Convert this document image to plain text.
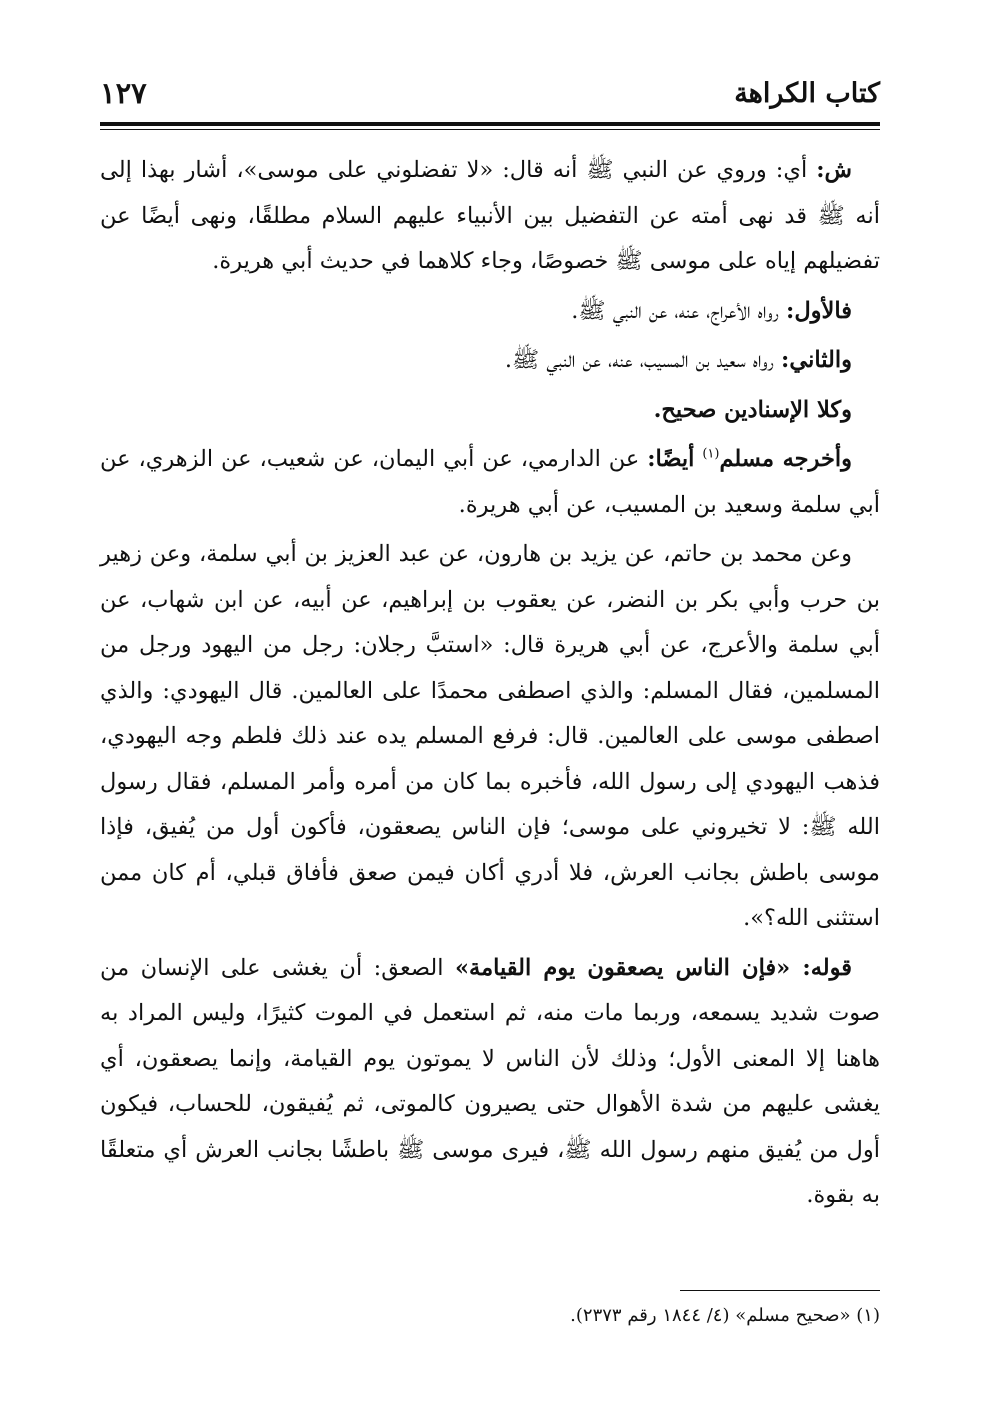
كتاب الكراهة
١٢٧

ش: أي: وروي عن النبي ﷺ أنه قال: «لا تفضلوني على موسى»، أشار بهذا إلى أنه ﷺ قد نهى أمته عن التفضيل بين الأنبياء عليهم السلام مطلقًا، ونهى أيضًا عن تفضيلهم إياه على موسى ﷺ خصوصًا، وجاء كلاهما في حديث أبي هريرة.

فالأول: رواه الأعراج، عنه، عن النبي ﷺ.

والثاني: رواه سعيد بن المسيب، عنه، عن النبي ﷺ.

وكلا الإسنادين صحيح.

وأخرجه مسلم$^{(١)}$ أيضًا: عن الدارمي، عن أبي اليمان، عن شعيب، عن الزهري، عن أبي سلمة وسعيد بن المسيب، عن أبي هريرة.

وعن محمد بن حاتم، عن يزيد بن هارون، عن عبد العزيز بن أبي سلمة، وعن زهير بن حرب وأبي بكر بن النضر، عن يعقوب بن إبراهيم، عن أبيه، عن ابن شهاب، عن أبي سلمة والأعرج، عن أبي هريرة قال: «استبَّ رجلان: رجل من اليهود ورجل من المسلمين، فقال المسلم: والذي اصطفى محمدًا على العالمين. قال اليهودي: والذي اصطفى موسى على العالمين. قال: فرفع المسلم يده عند ذلك فلطم وجه اليهودي، فذهب اليهودي إلى رسول الله، فأخبره بما كان من أمره وأمر المسلم، فقال رسول الله ﷺ: لا تخيروني على موسى؛ فإن الناس يصعقون، فأكون أول من يُفيق، فإذا موسى باطش بجانب العرش، فلا أدري أكان فيمن صعق فأفاق قبلي، أم كان ممن استثنى الله؟».

قوله: «فإن الناس يصعقون يوم القيامة» الصعق: أن يغشى على الإنسان من صوت شديد يسمعه، وربما مات منه، ثم استعمل في الموت كثيرًا، وليس المراد به هاهنا إلا المعنى الأول؛ وذلك لأن الناس لا يموتون يوم القيامة، وإنما يصعقون، أي يغشى عليهم من شدة الأهوال حتى يصيرون كالموتى، ثم يُفيقون، للحساب، فيكون أول من يُفيق منهم رسول الله ﷺ، فيرى موسى ﷺ باطشًا بجانب العرش أي متعلقًا به بقوة.

(١) «صحيح مسلم» (٤/ ١٨٤٤ رقم ٢٣٧٣).
